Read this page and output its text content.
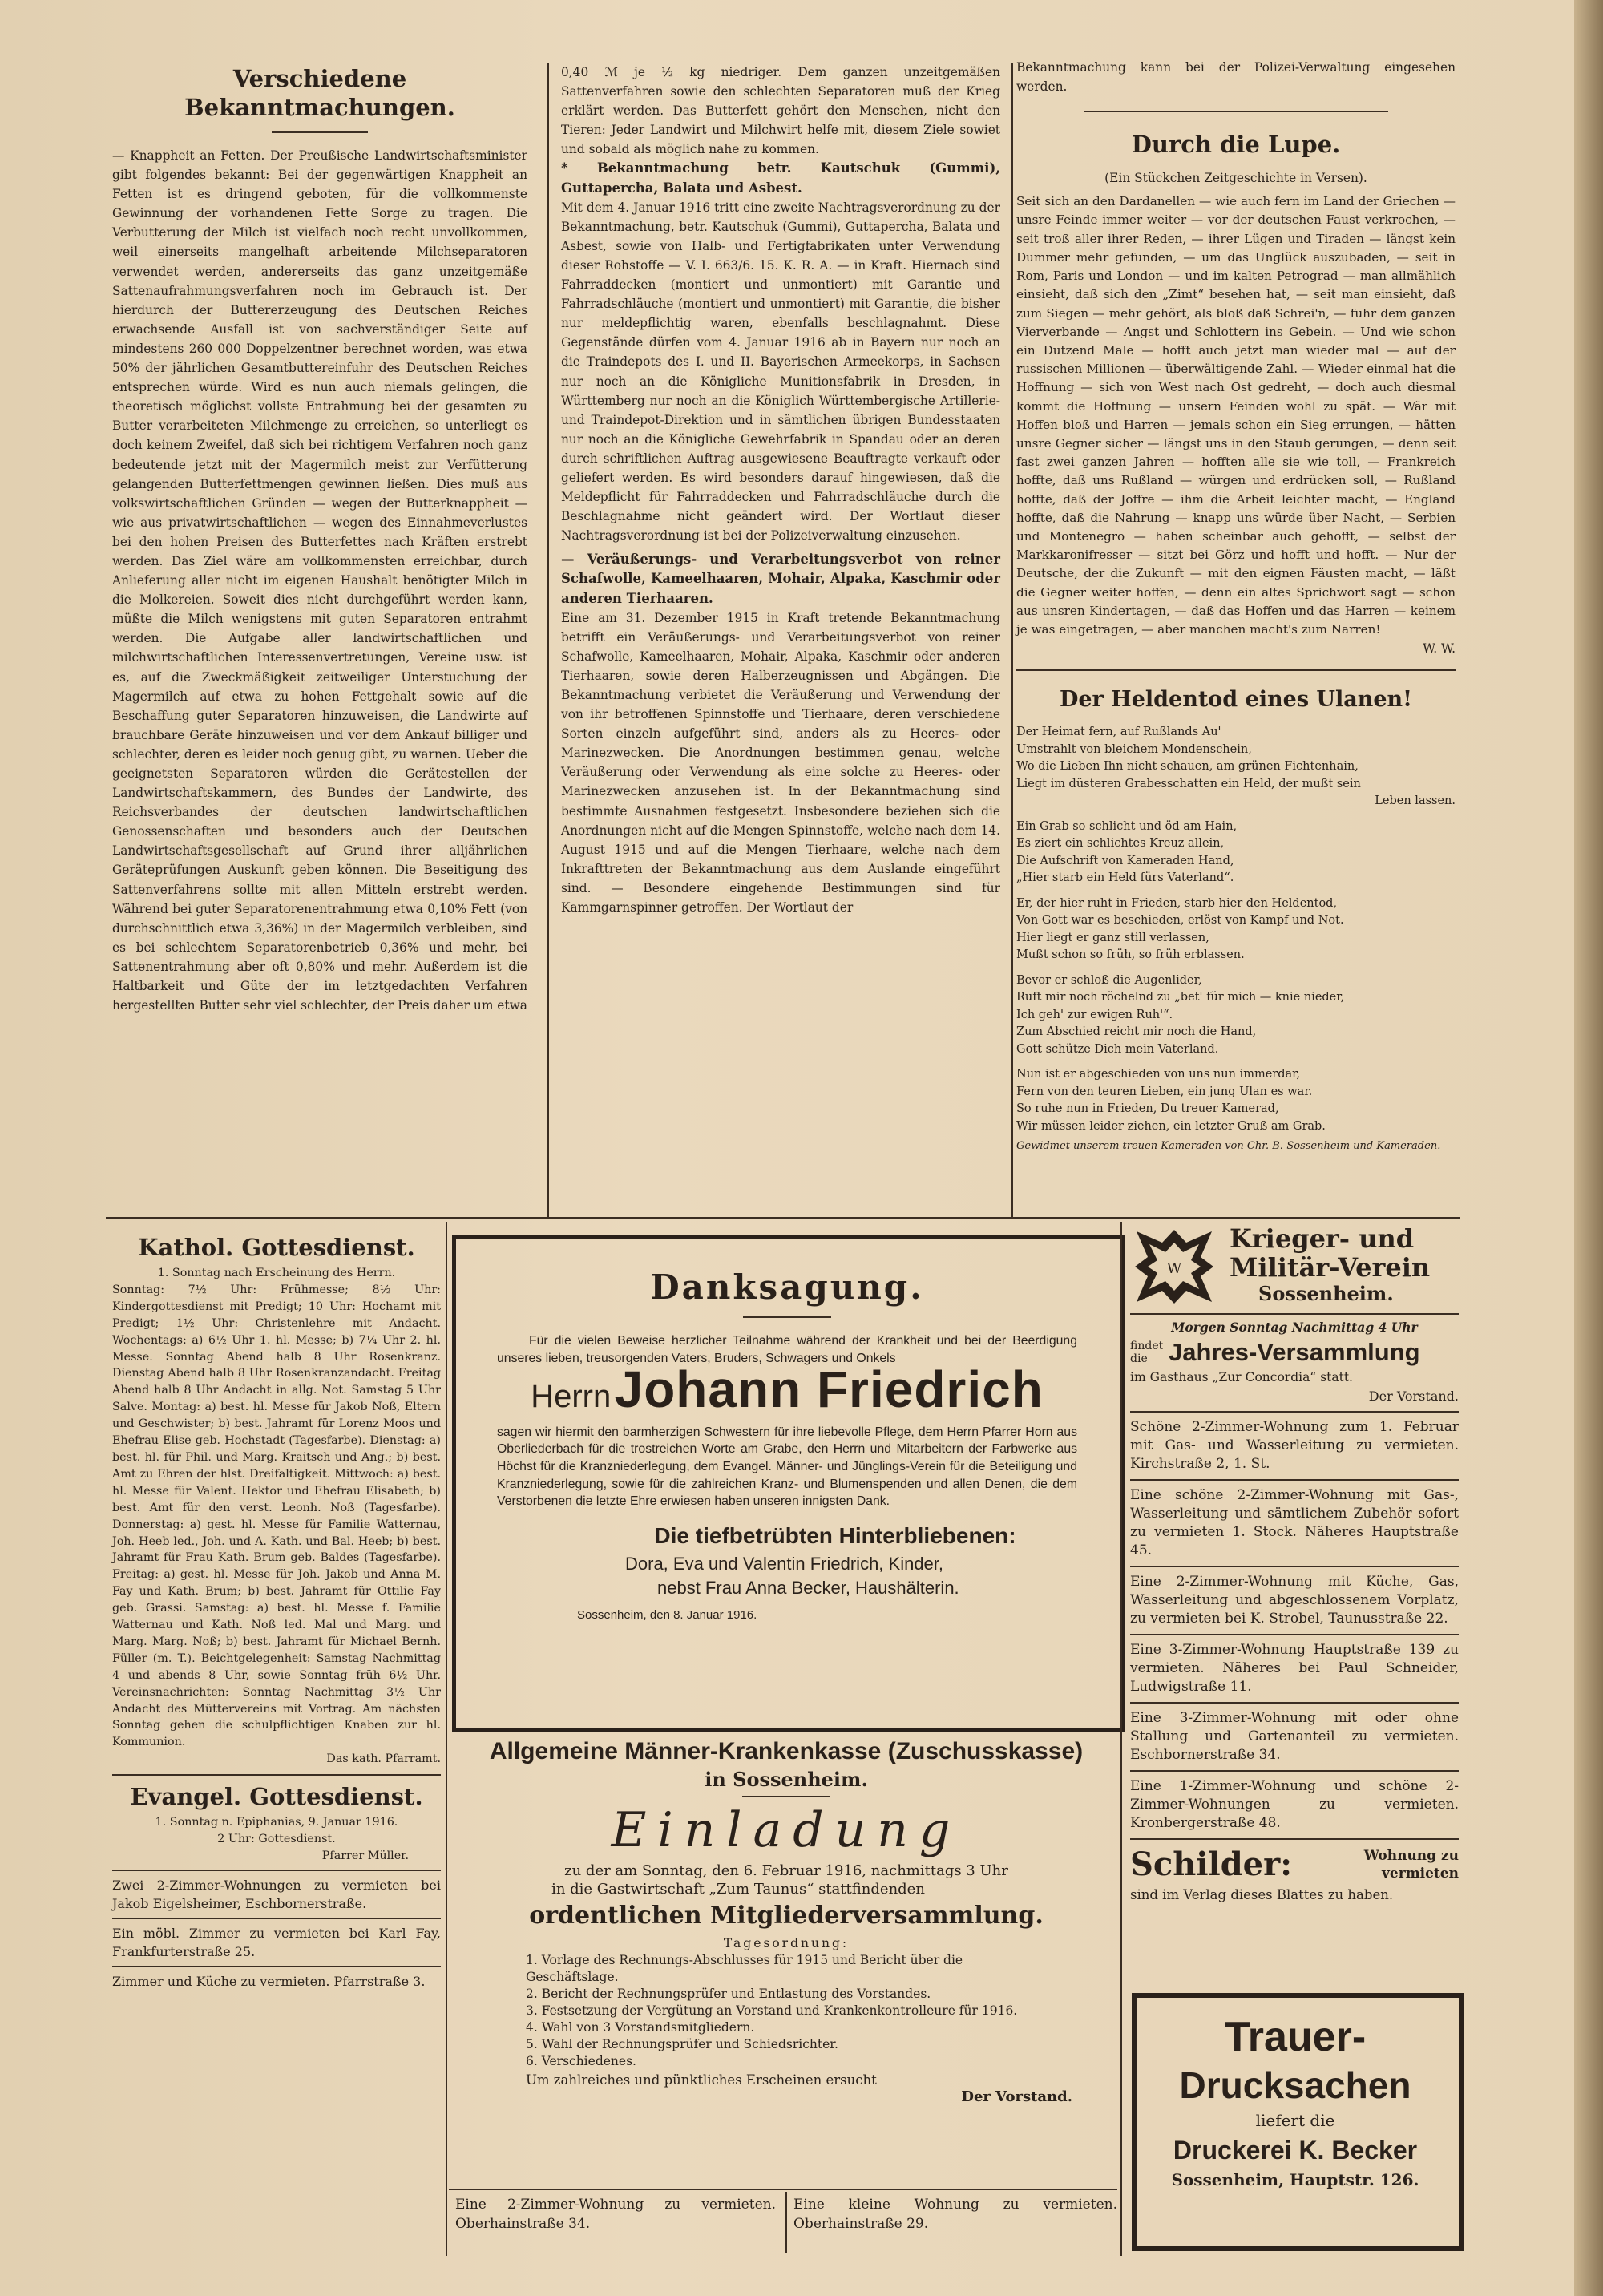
Verschiedene Bekanntmachungen.

— Knappheit an Fetten. Der Preußische Landwirtschaftsminister gibt folgendes bekannt: Bei der gegenwärtigen Knappheit an Fetten ist es dringend geboten, für die vollkommenste Gewinnung der vorhandenen Fette Sorge zu tragen. Die Verbutterung der Milch ist vielfach noch recht unvollkommen, weil einerseits mangelhaft arbeitende Milchseparatoren verwendet werden, andererseits das ganz unzeitgemäße Sattenaufrahmungsverfahren noch im Gebrauch ist. Der hierdurch der Buttererzeugung des Deutschen Reiches erwachsende Ausfall ist von sachverständiger Seite auf mindestens 260 000 Doppelzentner berechnet worden, was etwa 50% der jährlichen Gesamtbuttereinfuhr des Deutschen Reiches entsprechen würde. Wird es nun auch niemals gelingen, die theoretisch möglichst vollste Entrahmung bei der gesamten zu Butter verarbeiteten Milchmenge zu erreichen, so unterliegt es doch keinem Zweifel, daß sich bei richtigem Verfahren noch ganz bedeutende jetzt mit der Magermilch meist zur Verfütterung gelangenden Butterfettmengen gewinnen ließen. Dies muß aus volkswirtschaftlichen Gründen — wegen der Butterknappheit — wie aus privatwirtschaftlichen — wegen des Einnahmeverlustes bei den hohen Preisen des Butterfettes nach Kräften erstrebt werden. Das Ziel wäre am vollkommensten erreichbar, durch Anlieferung aller nicht im eigenen Haushalt benötigter Milch in die Molkereien. Soweit dies nicht durchgeführt werden kann, müßte die Milch wenigstens mit guten Separatoren entrahmt werden. Die Aufgabe aller landwirtschaftlichen und milchwirtschaftlichen Interessenvertretungen, Vereine usw. ist es, auf die Zweckmäßigkeit zeitweiliger Unterstuchung der Magermilch auf etwa zu hohen Fettgehalt sowie auf die Beschaffung guter Separatoren hinzuweisen, die Landwirte auf brauchbare Geräte hinzuweisen und vor dem Ankauf billiger und schlechter, deren es leider noch genug gibt, zu warnen. Ueber die geeignetsten Separatoren würden die Gerätestellen der Landwirtschaftskammern, des Bundes der Landwirte, des Reichsverbandes der deutschen landwirtschaftlichen Genossenschaften und besonders auch der Deutschen Landwirtschaftsgesellschaft auf Grund ihrer alljährlichen Geräteprüfungen Auskunft geben können. Die Beseitigung des Sattenverfahrens sollte mit allen Mitteln erstrebt werden. Während bei guter Separatorenentrahmung etwa 0,10% Fett (von durchschnittlich etwa 3,36%) in der Magermilch verbleiben, sind es bei schlechtem Separatorenbetrieb 0,36% und mehr, bei Sattenentrahmung aber oft 0,80% und mehr. Außerdem ist die Haltbarkeit und Güte der im letztgedachten Verfahren hergestellten Butter sehr viel schlechter, der Preis daher um etwa

0,40 ℳ je ½ kg niedriger. Dem ganzen unzeitgemäßen Sattenverfahren sowie den schlechten Separatoren muß der Krieg erklärt werden. Das Butterfett gehört den Menschen, nicht den Tieren: Jeder Landwirt und Milchwirt helfe mit, diesem Ziele sowiet und sobald als möglich nahe zu kommen.

* Bekanntmachung betr. Kautschuk (Gummi), Guttapercha, Balata und Asbest.

Mit dem 4. Januar 1916 tritt eine zweite Nachtragsverordnung zu der Bekanntmachung, betr. Kautschuk (Gummi), Guttapercha, Balata und Asbest, sowie von Halb- und Fertigfabrikaten unter Verwendung dieser Rohstoffe — V. I. 663/6. 15. K. R. A. — in Kraft. Hiernach sind Fahrraddecken (montiert und unmontiert) mit Garantie und Fahrradschläuche (montiert und unmontiert) mit Garantie, die bisher nur meldepflichtig waren, ebenfalls beschlagnahmt. Diese Gegenstände dürfen vom 4. Januar 1916 ab in Bayern nur noch an die Traindepots des I. und II. Bayerischen Armeekorps, in Sachsen nur noch an die Königliche Munitionsfabrik in Dresden, in Württemberg nur noch an die Königlich Württembergische Artillerie- und Traindepot-Direktion und in sämtlichen übrigen Bundesstaaten nur noch an die Königliche Gewehrfabrik in Spandau oder an deren durch schriftlichen Auftrag ausgewiesene Beauftragte verkauft oder geliefert werden. Es wird besonders darauf hingewiesen, daß die Meldepflicht für Fahrraddecken und Fahrradschläuche durch die Beschlagnahme nicht geändert wird. Der Wortlaut dieser Nachtragsverordnung ist bei der Polizeiverwaltung einzusehen.

— Veräußerungs- und Verarbeitungsverbot von reiner Schafwolle, Kameelhaaren, Mohair, Alpaka, Kaschmir oder anderen Tierhaaren.

Eine am 31. Dezember 1915 in Kraft tretende Bekanntmachung betrifft ein Veräußerungs- und Verarbeitungsverbot von reiner Schafwolle, Kameelhaaren, Mohair, Alpaka, Kaschmir oder anderen Tierhaaren, sowie deren Halberzeugnissen und Abgängen. Die Bekanntmachung verbietet die Veräußerung und Verwendung der von ihr betroffenen Spinnstoffe und Tierhaare, deren verschiedene Sorten einzeln aufgeführt sind, anders als zu Heeres- oder Marinezwecken. Die Anordnungen bestimmen genau, welche Veräußerung oder Verwendung als eine solche zu Heeres- oder Marinezwecken anzusehen ist. In der Bekanntmachung sind bestimmte Ausnahmen festgesetzt. Insbesondere beziehen sich die Anordnungen nicht auf die Mengen Spinnstoffe, welche nach dem 14. August 1915 und auf die Mengen Tierhaare, welche nach dem Inkrafttreten der Bekanntmachung aus dem Auslande eingeführt sind. — Besondere eingehende Bestimmungen sind für Kammgarnspinner getroffen. Der Wortlaut der

Bekanntmachung kann bei der Polizei-Verwaltung eingesehen werden.

Durch die Lupe.

(Ein Stückchen Zeitgeschichte in Versen).

Seit sich an den Dardanellen — wie auch fern im Land der Griechen — unsre Feinde immer weiter — vor der deutschen Faust verkrochen, — seit troß aller ihrer Reden, — ihrer Lügen und Tiraden — längst kein Dummer mehr gefunden, — um das Unglück auszubaden, — seit in Rom, Paris und London — und im kalten Petrograd — man allmählich einsieht, daß sich den „Zimt“ besehen hat, — seit man einsieht, daß zum Siegen — mehr gehört, als bloß daß Schrei'n, — fuhr dem ganzen Vierverbande — Angst und Schlottern ins Gebein. — Und wie schon ein Dutzend Male — hofft auch jetzt man wieder mal — auf der russischen Millionen — überwältigende Zahl. — Wieder einmal hat die Hoffnung — sich von West nach Ost gedreht, — doch auch diesmal kommt die Hoffnung — unsern Feinden wohl zu spät. — Wär mit Hoffen bloß und Harren — jemals schon ein Sieg errungen, — hätten unsre Gegner sicher — längst uns in den Staub gerungen, — denn seit fast zwei ganzen Jahren — hofften alle sie wie toll, — Frankreich hoffte, daß uns Rußland — würgen und erdrücken soll, — Rußland hoffte, daß der Joffre — ihm die Arbeit leichter macht, — England hoffte, daß die Nahrung — knapp uns würde über Nacht, — Serbien und Montenegro — haben scheinbar auch gehofft, — selbst der Markkaronifresser — sitzt bei Görz und hofft und hofft. — Nur der Deutsche, der die Zukunft — mit den eignen Fäusten macht, — läßt die Gegner weiter hoffen, — denn ein altes Sprichwort sagt — schon aus unsren Kindertagen, — daß das Hoffen und das Harren — keinem je was eingetragen, — aber manchen macht's zum Narren!

W. W.

Der Heldentod eines Ulanen!
Der Heimat fern, auf Rußlands Au'
Umstrahlt von bleichem Mondenschein,
Wo die Lieben Ihn nicht schauen, am grünen Fichtenhain,
Liegt im düsteren Grabesschatten ein Held, der mußt sein
Leben lassen.
Ein Grab so schlicht und öd am Hain,
Es ziert ein schlichtes Kreuz allein,
Die Aufschrift von Kameraden Hand,
„Hier starb ein Held fürs Vaterland“.
Er, der hier ruht in Frieden, starb hier den Heldentod,
Von Gott war es beschieden, erlöst von Kampf und Not.
Hier liegt er ganz still verlassen,
Mußt schon so früh, so früh erblassen.
Bevor er schloß die Augenlider,
Ruft mir noch röchelnd zu „bet' für mich — knie nieder,
Ich geh' zur ewigen Ruh'“.
Zum Abschied reicht mir noch die Hand,
Gott schütze Dich mein Vaterland.
Nun ist er abgeschieden von uns nun immerdar,
Fern von den teuren Lieben, ein jung Ulan es war.
So ruhe nun in Frieden, Du treuer Kamerad,
Wir müssen leider ziehen, ein letzter Gruß am Grab.

Gewidmet unserem treuen Kameraden von Chr. B.-Sossenheim und Kameraden.

Kathol. Gottesdienst.

1. Sonntag nach Erscheinung des Herrn.

Sonntag: 7½ Uhr: Frühmesse; 8½ Uhr: Kindergottesdienst mit Predigt; 10 Uhr: Hochamt mit Predigt; 1½ Uhr: Christenlehre mit Andacht. Wochentags: a) 6½ Uhr 1. hl. Messe; b) 7¼ Uhr 2. hl. Messe. Sonntag Abend halb 8 Uhr Rosenkranz. Dienstag Abend halb 8 Uhr Rosenkranzandacht. Freitag Abend halb 8 Uhr Andacht in allg. Not. Samstag 5 Uhr Salve. Montag: a) best. hl. Messe für Jakob Noß, Eltern und Geschwister; b) best. Jahramt für Lorenz Moos und Ehefrau Elise geb. Hochstadt (Tagesfarbe). Dienstag: a) best. hl. für Phil. und Marg. Kraitsch und Ang.; b) best. Amt zu Ehren der hlst. Dreifaltigkeit. Mittwoch: a) best. hl. Messe für Valent. Hektor und Ehefrau Elisabeth; b) best. Amt für den verst. Leonh. Noß (Tagesfarbe). Donnerstag: a) gest. hl. Messe für Familie Watternau, Joh. Heeb led., Joh. und A. Kath. und Bal. Heeb; b) best. Jahramt für Frau Kath. Brum geb. Baldes (Tagesfarbe). Freitag: a) gest. hl. Messe für Joh. Jakob und Anna M. Fay und Kath. Brum; b) best. Jahramt für Ottilie Fay geb. Grassi. Samstag: a) best. hl. Messe f. Familie Watternau und Kath. Noß led. Mal und Marg. und Marg. Marg. Noß; b) best. Jahramt für Michael Bernh. Füller (m. T.). Beichtgelegenheit: Samstag Nachmittag 4 und abends 8 Uhr, sowie Sonntag früh 6½ Uhr. Vereinsnachrichten: Sonntag Nachmittag 3½ Uhr Andacht des Müttervereins mit Vortrag. Am nächsten Sonntag gehen die schulpflichtigen Knaben zur hl. Kommunion.

Das kath. Pfarramt.

Evangel. Gottesdienst.

1. Sonntag n. Epiphanias, 9. Januar 1916.

2 Uhr: Gottesdienst.

Pfarrer Müller.

Zwei 2-Zimmer-Wohnungen zu vermieten bei Jakob Eigelsheimer, Eschbornerstraße.

Ein möbl. Zimmer zu vermieten bei Karl Fay, Frankfurterstraße 25.

Zimmer und Küche zu vermieten. Pfarrstraße 3.

Danksagung.

Für die vielen Beweise herzlicher Teilnahme während der Krankheit und bei der Beerdigung unseres lieben, treusorgenden Vaters, Bruders, Schwagers und Onkels

Herrn Johann Friedrich

sagen wir hiermit den barmherzigen Schwestern für ihre liebevolle Pflege, dem Herrn Pfarrer Horn aus Oberliederbach für die trostreichen Worte am Grabe, den Herrn und Mitarbeitern der Farbwerke aus Höchst für die Kranzniederlegung, dem Evangel. Männer- und Jünglings-Verein für die Beteiligung und Kranzniederlegung, sowie für die zahlreichen Kranz- und Blumenspenden und allen Denen, die dem Verstorbenen die letzte Ehre erwiesen haben unseren innigsten Dank.

Die tiefbetrübten Hinterbliebenen:

Dora, Eva und Valentin Friedrich, Kinder,

nebst Frau Anna Becker, Haushälterin.

Sossenheim, den 8. Januar 1916.

Allgemeine Männer-Krankenkasse (Zuschusskasse)
in Sossenheim.
Einladung

zu der am Sonntag, den 6. Februar 1916, nachmittags 3 Uhr

in die Gastwirtschaft „Zum Taunus“ stattfindenden

ordentlichen Mitgliederversammlung.

Tagesordnung:

1. Vorlage des Rechnungs-Abschlusses für 1915 und Bericht über die Geschäftslage.
2. Bericht der Rechnungsprüfer und Entlastung des Vorstandes.
3. Festsetzung der Vergütung an Vorstand und Krankenkontrolleure für 1916.
4. Wahl von 3 Vorstandsmitgliedern.
5. Wahl der Rechnungsprüfer und Schiedsrichter.
6. Verschiedenes.

Um zahlreiches und pünktliches Erscheinen ersucht

Der Vorstand.

Eine 2-Zimmer-Wohnung zu vermieten. Oberhainstraße 34.

Eine kleine Wohnung zu vermieten. Oberhainstraße 29.

W
Krieger- und
Militär-Verein
Sossenheim.

Morgen Sonntag Nachmittag 4 Uhr

findet die Jahres-Versammlung

im Gasthaus „Zur Concordia“ statt.

Der Vorstand.

Schöne 2-Zimmer-Wohnung zum 1. Februar mit Gas- und Wasserleitung zu vermieten. Kirchstraße 2, 1. St.

Eine schöne 2-Zimmer-Wohnung mit Gas-, Wasserleitung und sämtlichem Zubehör sofort zu vermieten 1. Stock. Näheres Hauptstraße 45.

Eine 2-Zimmer-Wohnung mit Küche, Gas, Wasserleitung und abgeschlossenem Vorplatz, zu vermieten bei K. Strobel, Taunusstraße 22.

Eine 3-Zimmer-Wohnung Hauptstraße 139 zu vermieten. Näheres bei Paul Schneider, Ludwigstraße 11.

Eine 3-Zimmer-Wohnung mit oder ohne Stallung und Gartenanteil zu vermieten. Eschbornerstraße 34.

Eine 1-Zimmer-Wohnung und schöne 2-Zimmer-Wohnungen zu vermieten. Kronbergerstraße 48.

Schilder:	Wohnung zu vermieten

sind im Verlag dieses Blattes zu haben.

Trauer-
Drucksachen
liefert die
Druckerei K. Becker
Sossenheim, Hauptstr. 126.
